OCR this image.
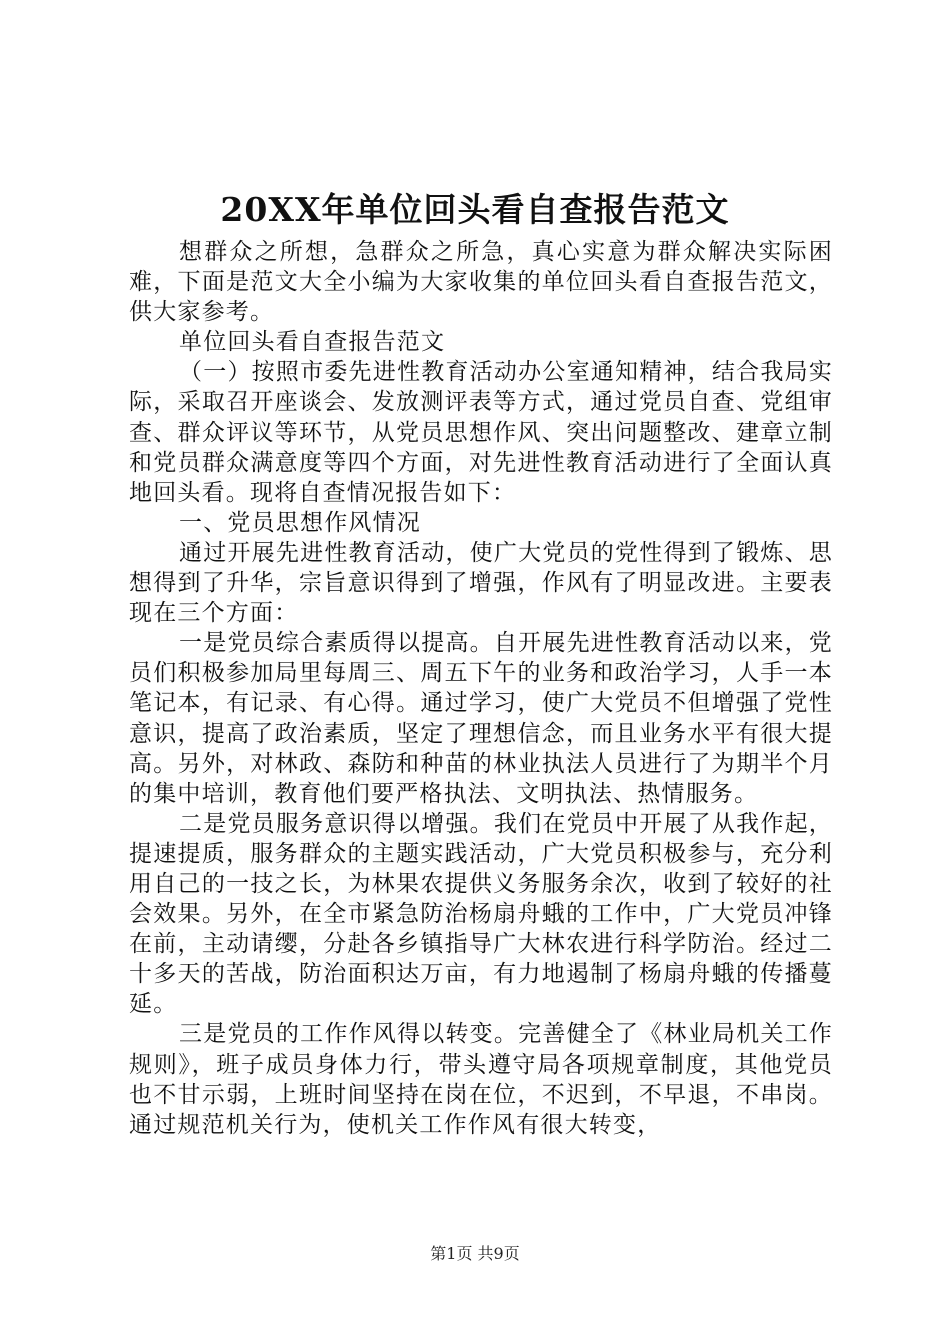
20XX年单位回头看自查报告范文

想群众之所想，急群众之所急，真心实意为群众解决实际困难，下面是范文大全小编为大家收集的单位回头看自查报告范文，供大家参考。

单位回头看自查报告范文

（一）按照市委先进性教育活动办公室通知精神，结合我局实际，采取召开座谈会、发放测评表等方式，通过党员自查、党组审查、群众评议等环节，从党员思想作风、突出问题整改、建章立制和党员群众满意度等四个方面，对先进性教育活动进行了全面认真地回头看。现将自查情况报告如下：

一、党员思想作风情况

通过开展先进性教育活动，使广大党员的党性得到了锻炼、思想得到了升华，宗旨意识得到了增强，作风有了明显改进。主要表现在三个方面：

一是党员综合素质得以提高。自开展先进性教育活动以来，党员们积极参加局里每周三、周五下午的业务和政治学习，人手一本笔记本，有记录、有心得。通过学习，使广大党员不但增强了党性意识，提高了政治素质，坚定了理想信念，而且业务水平有很大提高。另外，对林政、森防和种苗的林业执法人员进行了为期半个月的集中培训，教育他们要严格执法、文明执法、热情服务。

二是党员服务意识得以增强。我们在党员中开展了从我作起，提速提质，服务群众的主题实践活动，广大党员积极参与，充分利用自己的一技之长，为林果农提供义务服务余次，收到了较好的社会效果。另外，在全市紧急防治杨扇舟蛾的工作中，广大党员冲锋在前，主动请缨，分赴各乡镇指导广大林农进行科学防治。经过二十多天的苦战，防治面积达万亩，有力地遏制了杨扇舟蛾的传播蔓延。

三是党员的工作作风得以转变。完善健全了《林业局机关工作规则》，班子成员身体力行，带头遵守局各项规章制度，其他党员也不甘示弱，上班时间坚持在岗在位，不迟到，不早退，不串岗。通过规范机关行为，使机关工作作风有很大转变，

第1页 共9页
